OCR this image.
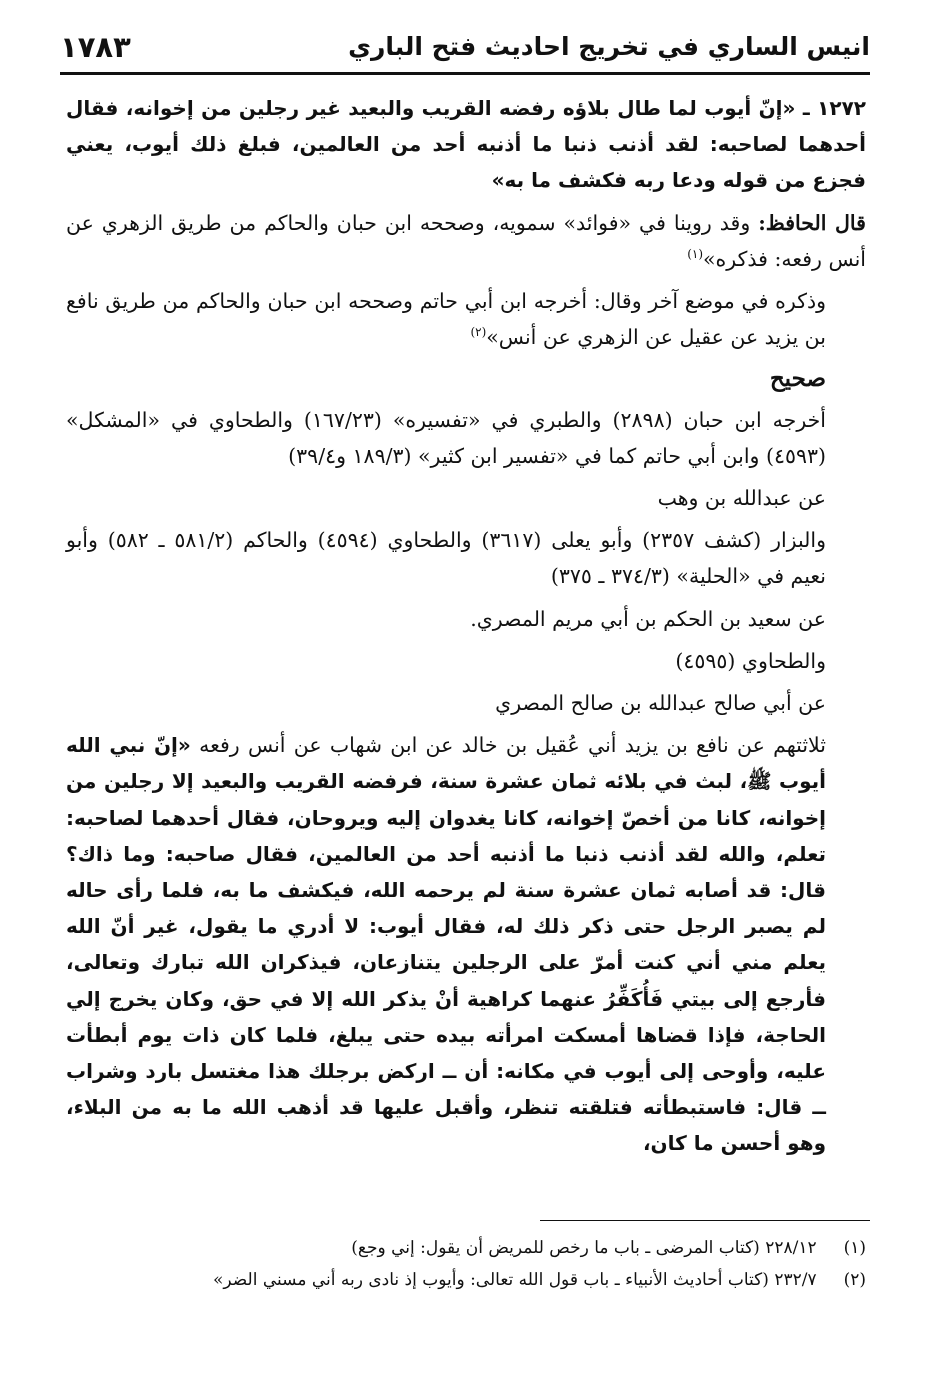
انيس الساري في تخريج احاديث فتح الباري
١٧٨٣

١٢٧٢ ـ «إنّ أيوب لما طال بلاؤه رفضه القريب والبعيد غير رجلين من إخوانه، فقال أحدهما لصاحبه: لقد أذنب ذنبا ما أذنبه أحد من العالمين، فبلغ ذلك أيوب، يعني فجزع من قوله ودعا ربه فكشف ما به»

قال الحافظ: وقد روينا في «فوائد» سمويه، وصححه ابن حبان والحاكم من طريق الزهري عن أنس رفعه: فذكره»$^{(١)}$

وذكره في موضع آخر وقال: أخرجه ابن أبي حاتم وصححه ابن حبان والحاكم من طريق نافع بن يزيد عن عقيل عن الزهري عن أنس»$^{(٢)}$

صحيح

أخرجه ابن حبان (٢٨٩٨) والطبري في «تفسيره» (١٦٧/٢٣) والطحاوي في «المشكل» (٤٥٩٣) وابن أبي حاتم كما في «تفسير ابن كثير» (١٨٩/٣ و٣٩/٤)

عن عبدالله بن وهب

والبزار (كشف ٢٣٥٧) وأبو يعلى (٣٦١٧) والطحاوي (٤٥٩٤) والحاكم (٥٨١/٢ ـ ٥٨٢) وأبو نعيم في «الحلية» (٣٧٤/٣ ـ ٣٧٥)

عن سعيد بن الحكم بن أبي مريم المصري.

والطحاوي (٤٥٩٥)

عن أبي صالح عبدالله بن صالح المصري

ثلاثتهم عن نافع بن يزيد أني عُقيل بن خالد عن ابن شهاب عن أنس رفعه «إنّ نبي الله أيوب ﷺ، لبث في بلائه ثمان عشرة سنة، فرفضه القريب والبعيد إلا رجلين من إخوانه، كانا من أخصّ إخوانه، كانا يغدوان إليه ويروحان، فقال أحدهما لصاحبه: تعلم، والله لقد أذنب ذنبا ما أذنبه أحد من العالمين، فقال صاحبه: وما ذاك؟ قال: قد أصابه ثمان عشرة سنة لم يرحمه الله، فيكشف ما به، فلما رأى حاله لم يصبر الرجل حتى ذكر ذلك له، فقال أيوب: لا أدري ما يقول، غير أنّ الله يعلم مني أني كنت أمرّ على الرجلين يتنازعان، فيذكران الله تبارك وتعالى، فأرجع إلى بيتي فَأُكَفِّرُ عنهما كراهية أنْ يذكر الله إلا في حق، وكان يخرج إلي الحاجة، فإذا قضاها أمسكت امرأته بيده حتى يبلغ، فلما كان ذات يوم أبطأت عليه، وأوحى إلى أيوب في مكانه: أن ــ اركض برجلك هذا مغتسل بارد وشراب ــ قال: فاستبطأته فتلقته تنظر، وأقبل عليها قد أذهب الله ما به من البلاء، وهو أحسن ما كان،

(١) ٢٢٨/١٢ (كتاب المرضى ـ باب ما رخص للمريض أن يقول: إني وجع)
(٢) ٢٣٢/٧ (كتاب أحاديث الأنبياء ـ باب قول الله تعالى: وأيوب إذ نادى ربه أني مسني الضر»
